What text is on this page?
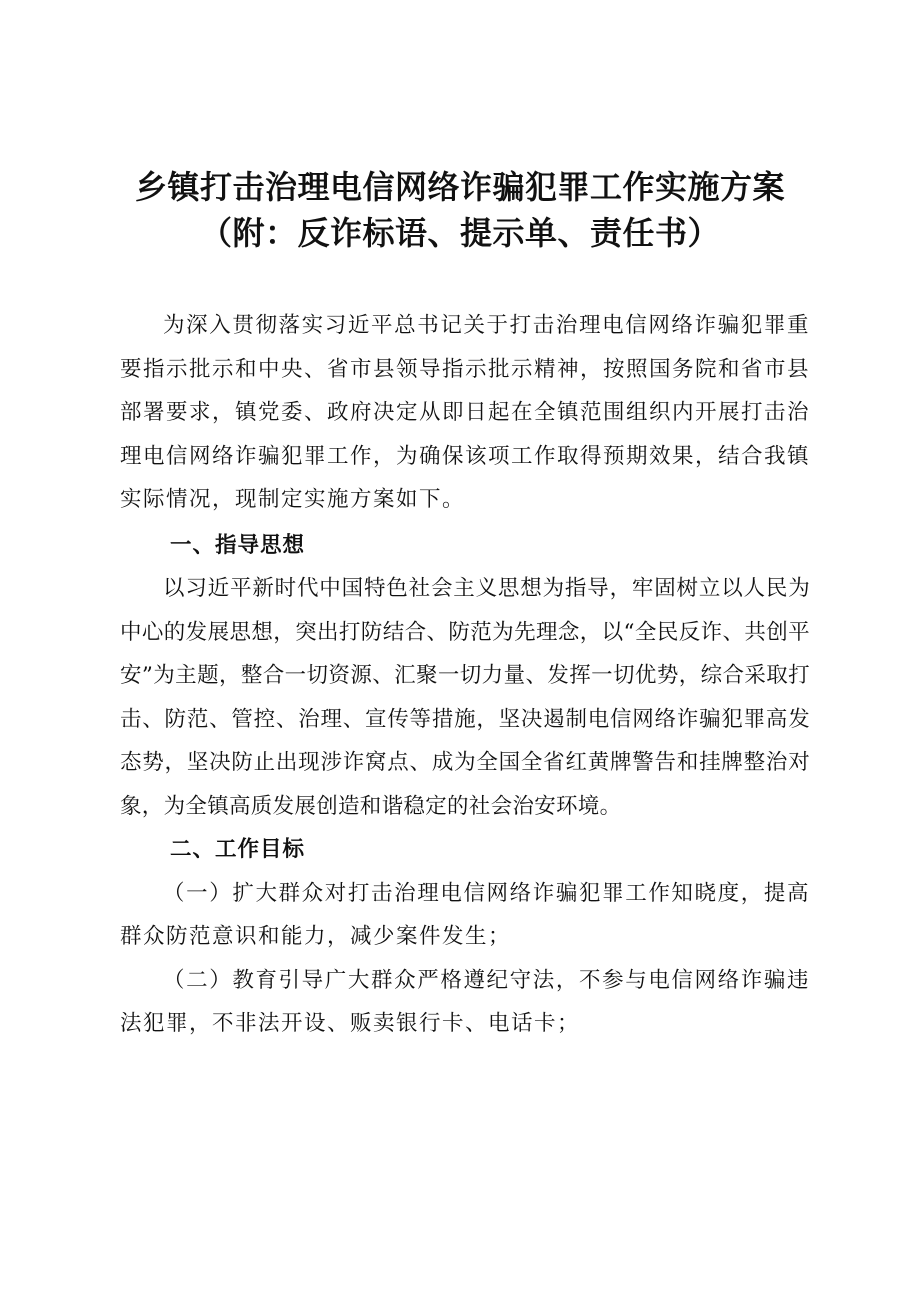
乡镇打击治理电信网络诈骗犯罪工作实施方案
（附：反诈标语、提示单、责任书）

为深入贯彻落实习近平总书记关于打击治理电信网络诈骗犯罪重要指示批示和中央、省市县领导指示批示精神，按照国务院和省市县部署要求，镇党委、政府决定从即日起在全镇范围组织内开展打击治理电信网络诈骗犯罪工作，为确保该项工作取得预期效果，结合我镇实际情况，现制定实施方案如下。

一、指导思想

以习近平新时代中国特色社会主义思想为指导，牢固树立以人民为中心的发展思想，突出打防结合、防范为先理念，以“全民反诈、共创平安”为主题，整合一切资源、汇聚一切力量、发挥一切优势，综合采取打击、防范、管控、治理、宣传等措施，坚决遏制电信网络诈骗犯罪高发态势，坚决防止出现涉诈窝点、成为全国全省红黄牌警告和挂牌整治对象，为全镇高质发展创造和谐稳定的社会治安环境。

二、工作目标

（一）扩大群众对打击治理电信网络诈骗犯罪工作知晓度，提高群众防范意识和能力，减少案件发生；

（二）教育引导广大群众严格遵纪守法，不参与电信网络诈骗违法犯罪，不非法开设、贩卖银行卡、电话卡；
